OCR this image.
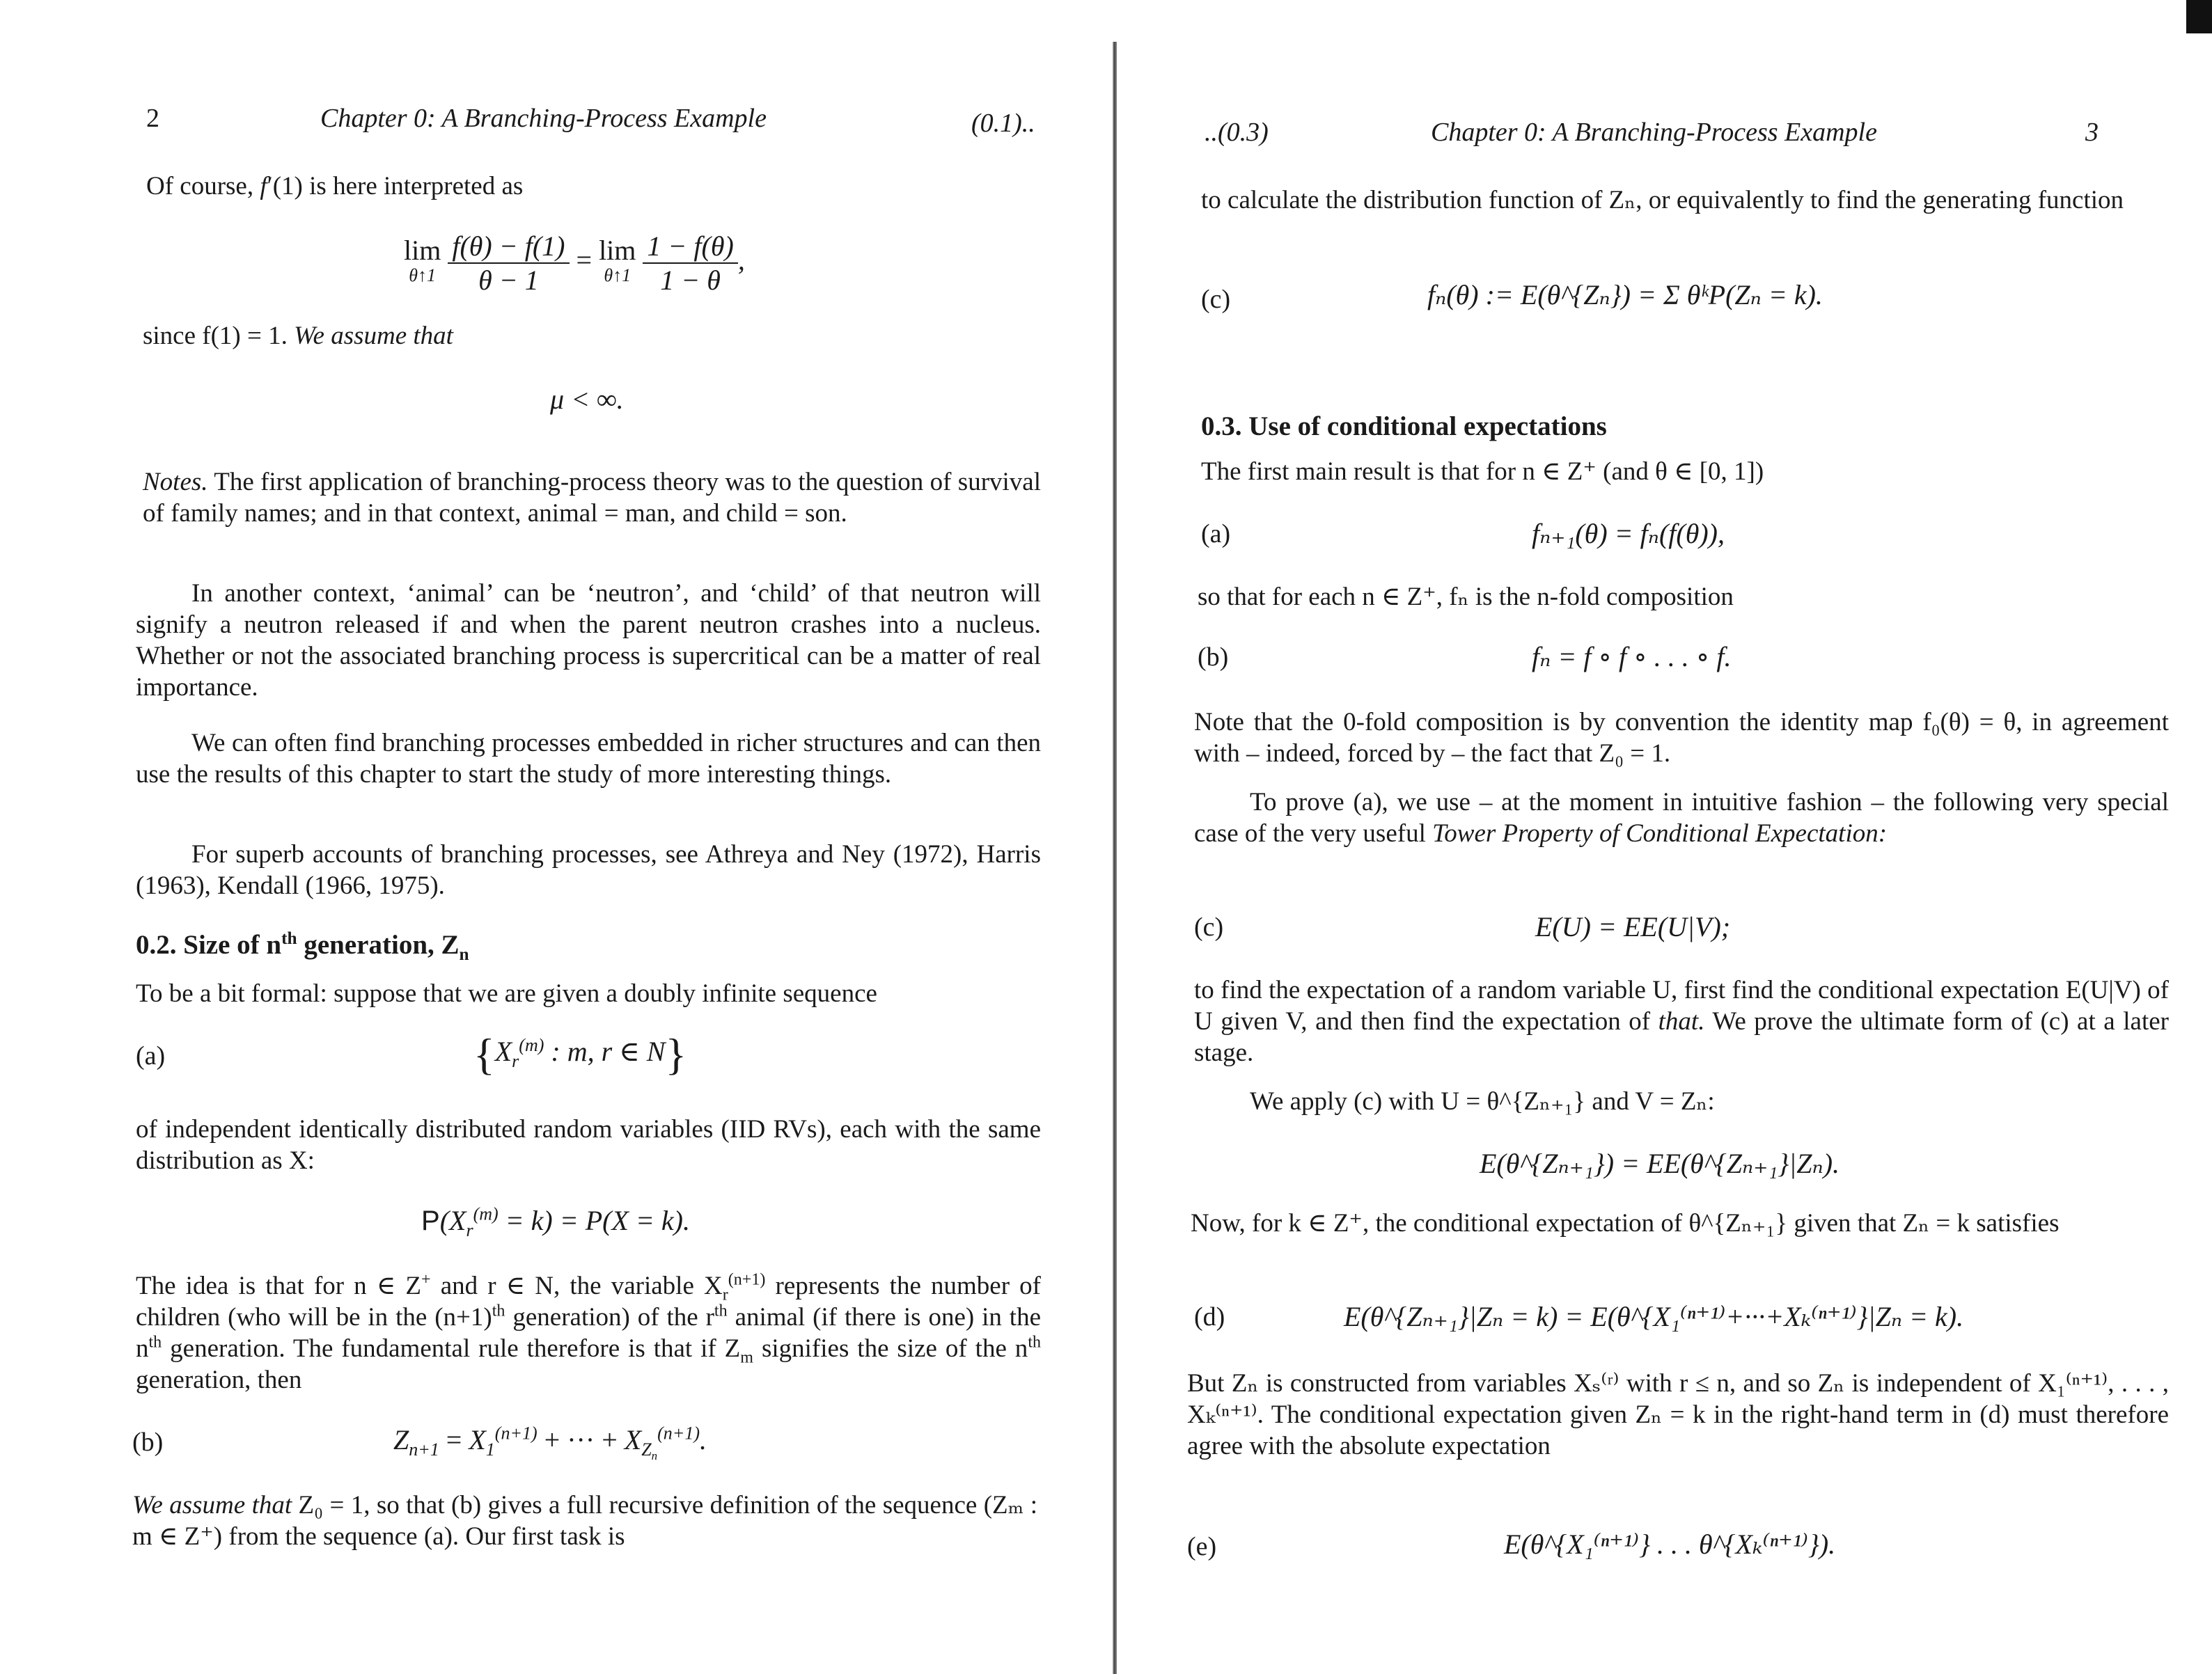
2	Chapter 0: A Branching-Process Example	(0.1)..
Of course, f′(1) is here interpreted as
lim
θ↑1
$\frac{f(\theta) - f(1)}{\theta - 1} = \lim$
θ↑1
$\frac{1 - f(\theta)}{1 - \theta}$ ,
since f(1) = 1. We assume that
μ < ∞.
Notes. The first application of branching-process theory was to the question of survival of family names; and in that context, animal = man, and child = son.
In another context, ‘animal’ can be ‘neutron’, and ‘child’ of that neutron will signify a neutron released if and when the parent neutron crashes into a nucleus. Whether or not the associated branching process is supercritical can be a matter of real importance.
We can often find branching processes embedded in richer structures and can then use the results of this chapter to start the study of more interesting things.
For superb accounts of branching processes, see Athreya and Ney (1972), Harris (1963), Kendall (1966, 1975).
0.2. Size of $n^{th}$ generation, $Z_n$
To be a bit formal: suppose that we are given a doubly infinite sequence
(a)	{$X_r^{(m)}$ : m, r ∈ N}
of independent identically distributed random variables (IID RVs), each with the same distribution as X:
$P(X_r^{(m)} = k) = P(X = k)$.
The idea is that for n ∈ Z+ and r ∈ N, the variable $X_r^{(n+1)}$ represents the number of children (who will be in the $(n+1)^{th}$ generation) of the $r^{th}$ animal (if there is one) in the $n^{th}$ generation. The fundamental rule therefore is that if $Z_m$ signifies the size of the $n^{th}$ generation, then
(b)	$Z_{n+1} = X_1^{(n+1)}$ + ··· + $X_{Z_n}^{(n+1)}$.
We assume that Z₀ = 1, so that (b) gives a full recursive definition of the sequence (Zₘ : m ∈ Z⁺) from the sequence (a). Our first task is
..(0.3)	Chapter 0: A Branching-Process Example	3
to calculate the distribution function of Zₙ, or equivalently to find the generating function
(c)	fₙ(θ) := E(θ^{Zₙ}) = Σ θᵏP(Zₙ = k).
0.3. Use of conditional expectations
The first main result is that for n ∈ Z⁺ (and θ ∈ [0, 1])
(a)	fₙ₊₁(θ) = fₙ(f(θ)),
so that for each n ∈ Z⁺, fₙ is the n-fold composition
(b)	fₙ = f ∘ f ∘ . . . ∘ f.
Note that the 0-fold composition is by convention the identity map f₀(θ) = θ, in agreement with – indeed, forced by – the fact that Z₀ = 1.
To prove (a), we use – at the moment in intuitive fashion – the following very special case of the very useful Tower Property of Conditional Expectation:
(c)	E(U) = EE(U|V);
to find the expectation of a random variable U, first find the conditional expectation E(U|V) of U given V, and then find the expectation of that. We prove the ultimate form of (c) at a later stage.
We apply (c) with U = θ^{Zₙ₊₁} and V = Zₙ:
E(θ^{Zₙ₊₁}) = EE(θ^{Zₙ₊₁}|Zₙ).
Now, for k ∈ Z⁺, the conditional expectation of θ^{Zₙ₊₁} given that Zₙ = k satisfies
(d)	E(θ^{Zₙ₊₁}|Zₙ = k) = E(θ^{X₁⁽ⁿ⁺¹⁾+···+Xₖ⁽ⁿ⁺¹⁾}|Zₙ = k).
But Zₙ is constructed from variables Xₛ⁽ʳ⁾ with r ≤ n, and so Zₙ is independent of X₁⁽ⁿ⁺¹⁾, . . . , Xₖ⁽ⁿ⁺¹⁾. The conditional expectation given Zₙ = k in the right-hand term in (d) must therefore agree with the absolute expectation
(e)	E(θ^{X₁⁽ⁿ⁺¹⁾} . . . θ^{Xₖ⁽ⁿ⁺¹⁾}).
